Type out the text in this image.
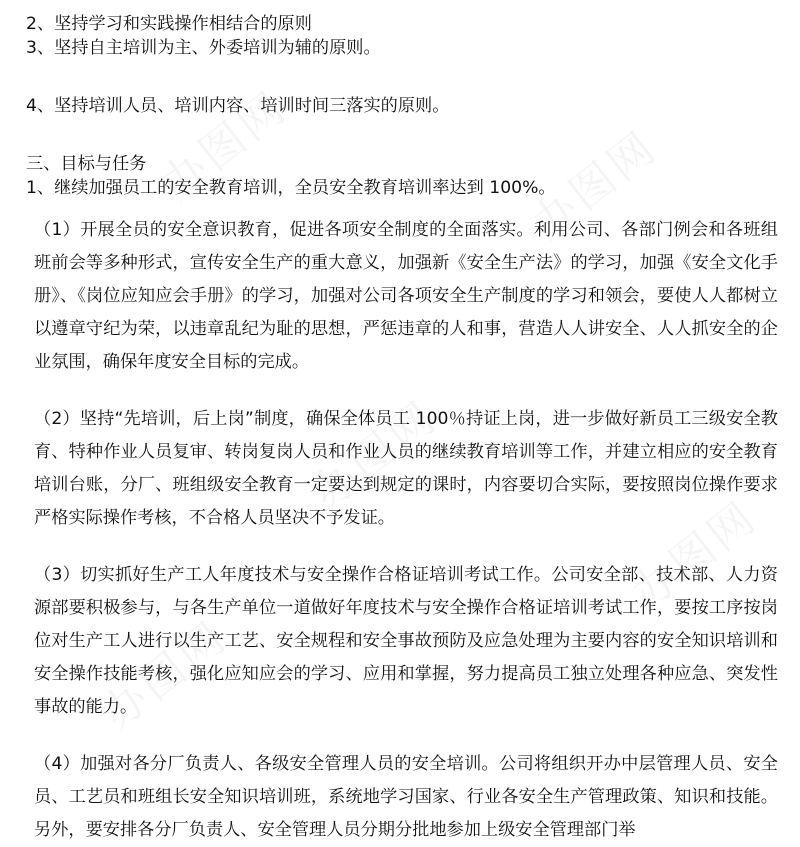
2、坚持学习和实践操作相结合的原则

3、坚持自主培训为主、外委培训为辅的原则。

4、坚持培训人员、培训内容、培训时间三落实的原则。

三、目标与任务

1、继续加强员工的安全教育培训，全员安全教育培训率达到 100%。

（1）开展全员的安全意识教育，促进各项安全制度的全面落实。利用公司、各部门例会和各班组班前会等多种形式，宣传安全生产的重大意义，加强新《安全生产法》的学习，加强《安全文化手册》、《岗位应知应会手册》的学习，加强对公司各项安全生产制度的学习和领会，要使人人都树立以遵章守纪为荣，以违章乱纪为耻的思想，严惩违章的人和事，营造人人讲安全、人人抓安全的企业氛围，确保年度安全目标的完成。

（2）坚持“先培训，后上岗”制度，确保全体员工 100％持证上岗，进一步做好新员工三级安全教育、特种作业人员复审、转岗复岗人员和作业人员的继续教育培训等工作，并建立相应的安全教育培训台账，分厂、班组级安全教育一定要达到规定的课时，内容要切合实际，要按照岗位操作要求严格实际操作考核，不合格人员坚决不予发证。

（3）切实抓好生产工人年度技术与安全操作合格证培训考试工作。公司安全部、技术部、人力资源部要积极参与，与各生产单位一道做好年度技术与安全操作合格证培训考试工作，要按工序按岗位对生产工人进行以生产工艺、安全规程和安全事故预防及应急处理为主要内容的安全知识培训和安全操作技能考核，强化应知应会的学习、应用和掌握，努力提高员工独立处理各种应急、突发性事故的能力。

（4）加强对各分厂负责人、各级安全管理人员的安全培训。公司将组织开办中层管理人员、安全员、工艺员和班组长安全知识培训班，系统地学习国家、行业各安全生产管理政策、知识和技能。另外，要安排各分厂负责人、安全管理人员分期分批地参加上级安全管理部门举
